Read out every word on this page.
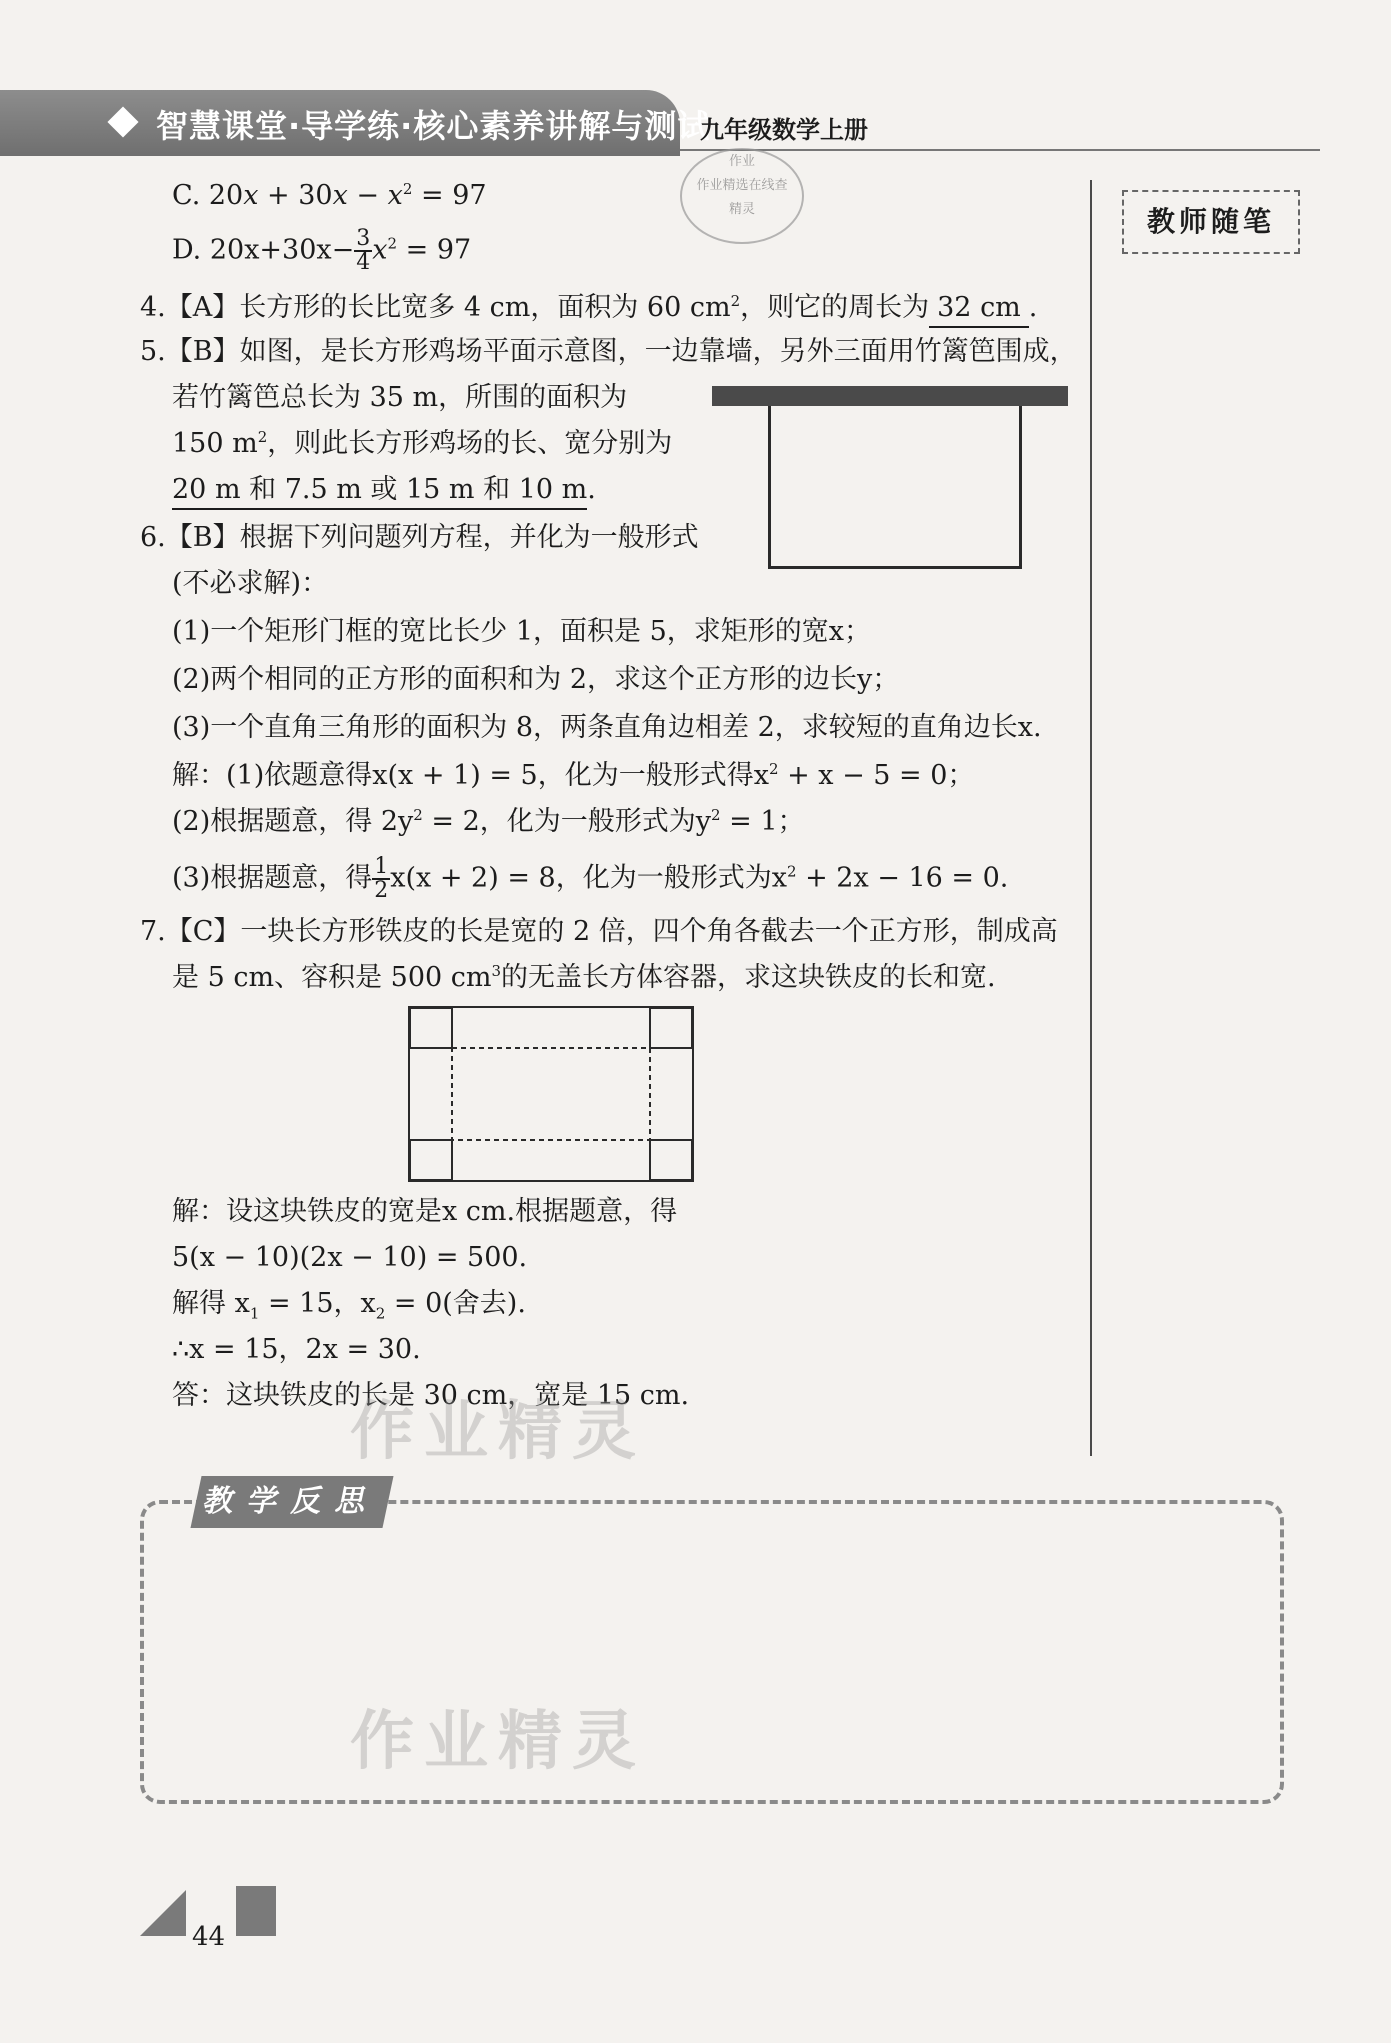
智慧课堂·导学练·核心素养讲解与测试
九年级数学上册
作业
作业精选在线查
精灵	教师随笔
C. $20x + 30x - x^2 = 97$
D. $20x+30x- \frac{3}{4} x^2 = 97$
4.【A】长方形的长比宽多 4 cm，面积为 60 $cm^2$，则它的周长为 32 cm .
5.【B】如图，是长方形鸡场平面示意图，一边靠墙，另外三面用竹篱笆围成，
若竹篱笆总长为 35 m，所围的面积为
150 $m^2$，则此长方形鸡场的长、宽分别为
20 m 和 7.5 m 或 15 m 和 10 m.
6.【B】根据下列问题列方程，并化为一般形式
(不必求解)：
(1)一个矩形门框的宽比长少 1，面积是 5，求矩形的宽x；
(2)两个相同的正方形的面积和为 2，求这个正方形的边长y；
(3)一个直角三角形的面积为 8，两条直角边相差 2，求较短的直角边长x.
解：(1)依题意得x(x + 1) = 5，化为一般形式得$x^2 + x - 5 = 0$；
(2)根据题意，得 $2y^2 = 2$，化为一般形式为$y^2 = 1$；
(3)根据题意，得 $\frac{1}{2} x(x + 2) = 8$，化为一般形式为$x^2 + 2x - 16 = 0$.
7.【C】一块长方形铁皮的长是宽的 2 倍，四个角各截去一个正方形，制成高
是 5 cm、容积是 500 $cm^3$的无盖长方体容器，求这块铁皮的长和宽.
解：设这块铁皮的宽是x cm.根据题意，得
5(x − 10)(2x − 10) = 500.
解得 $x_1 = 15$，$x_2 = 0$(舍去).
∴x = 15，2x = 30.
答：这块铁皮的长是 30 cm，宽是 15 cm.
作业精灵
教学反思
作业精灵
44
